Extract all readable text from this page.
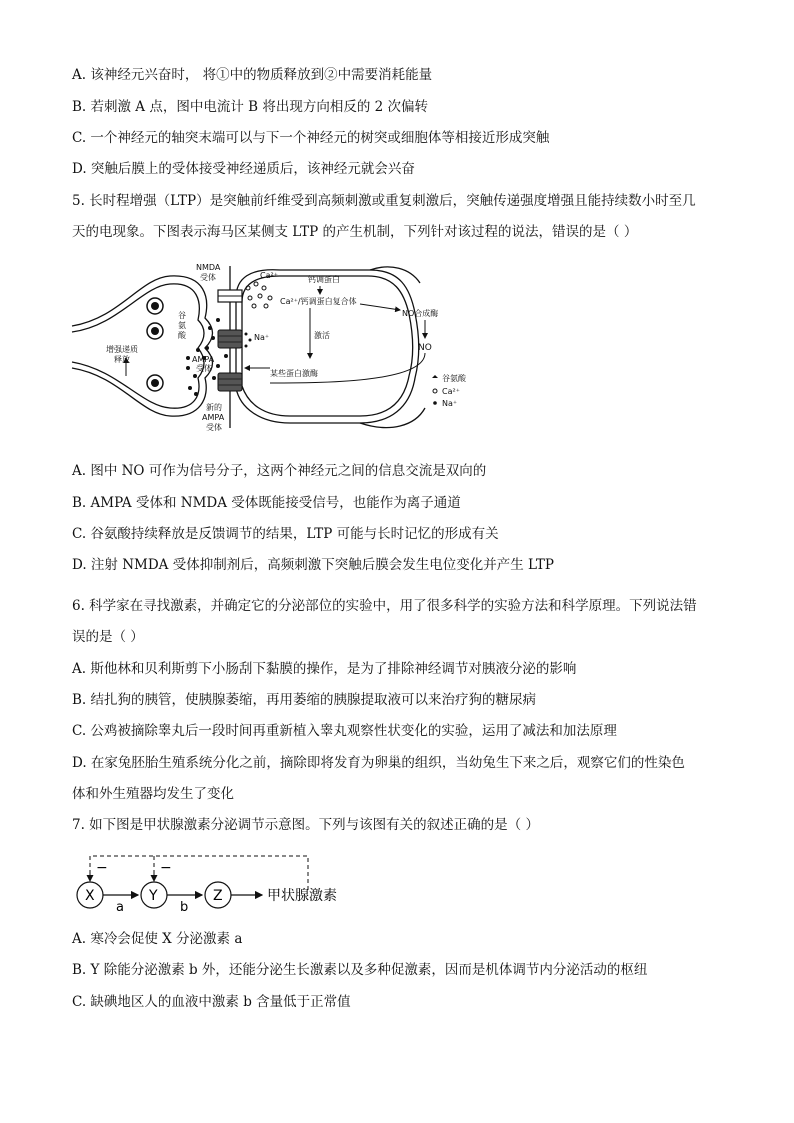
A. 该神经元兴奋时， 将①中的物质释放到②中需要消耗能量
B. 若刺激 A 点，图中电流计 B 将出现方向相反的 2 次偏转
C. 一个神经元的轴突末端可以与下一个神经元的树突或细胞体等相接近形成突触
D. 突触后膜上的受体接受神经递质后，该神经元就会兴奋
5. 长时程增强（LTP）是突触前纤维受到高频刺激或重复刺激后，突触传递强度增强且能持续数小时至几
天的电现象。下图表示海马区某侧支 LTP 的产生机制，下列针对该过程的说法，错误的是（ ）
NMDA
受体	Ca²⁺	钙调蛋白
Ca²⁺/钙调蛋白复合体
NO合成酶
谷
氨
酸	Na⁺	激活
NO
AMPA
受体
某些蛋白激酶
增强递质
释放
新的
AMPA
受体
谷氨酸
Ca²⁺
Na⁺
A. 图中 NO 可作为信号分子，这两个神经元之间的信息交流是双向的
B. AMPA 受体和 NMDA 受体既能接受信号，也能作为离子通道
C. 谷氨酸持续释放是反馈调节的结果，LTP 可能与长时记忆的形成有关
D. 注射 NMDA 受体抑制剂后，高频刺激下突触后膜会发生电位变化并产生 LTP
6. 科学家在寻找激素，并确定它的分泌部位的实验中，用了很多科学的实验方法和科学原理。下列说法错
误的是（ ）
A. 斯他林和贝利斯剪下小肠刮下黏膜的操作，是为了排除神经调节对胰液分泌的影响
B. 结扎狗的胰管，使胰腺萎缩，再用萎缩的胰腺提取液可以来治疗狗的糖尿病
C. 公鸡被摘除睾丸后一段时间再重新植入睾丸观察性状变化的实验，运用了减法和加法原理
D. 在家兔胚胎生殖系统分化之前，摘除即将发育为卵巢的组织，当幼兔生下来之后，观察它们的性染色
体和外生殖器均发生了变化
7. 如下图是甲状腺激素分泌调节示意图。下列与该图有关的叙述正确的是（ ）
−	−
X	Y	Z
a	b
甲状腺激素
A. 寒冷会促使 X 分泌激素 a
B. Y 除能分泌激素 b 外，还能分泌生长激素以及多种促激素，因而是机体调节内分泌活动的枢纽
C. 缺碘地区人的血液中激素 b 含量低于正常值
